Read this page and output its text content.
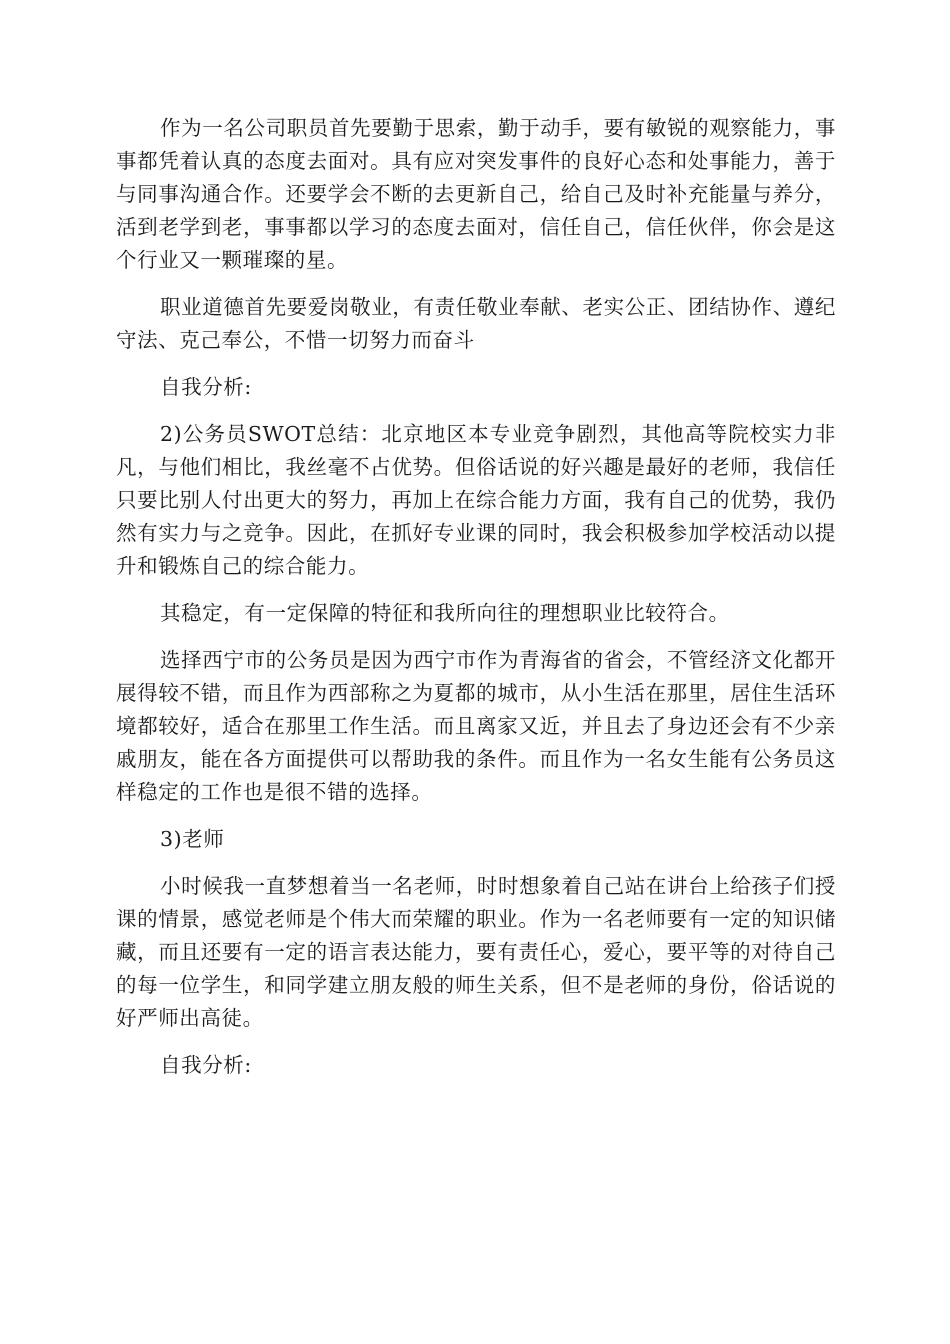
作为一名公司职员首先要勤于思索，勤于动手，要有敏锐的观察能力，事事都凭着认真的态度去面对。具有应对突发事件的良好心态和处事能力，善于与同事沟通合作。还要学会不断的去更新自己，给自己及时补充能量与养分，活到老学到老，事事都以学习的态度去面对，信任自己，信任伙伴，你会是这个行业又一颗璀璨的星。

职业道德首先要爱岗敬业，有责任敬业奉献、老实公正、团结协作、遵纪守法、克己奉公，不惜一切努力而奋斗

自我分析:

2)公务员SWOT总结：北京地区本专业竞争剧烈，其他高等院校实力非凡，与他们相比，我丝毫不占优势。但俗话说的好兴趣是最好的老师，我信任只要比别人付出更大的努力，再加上在综合能力方面，我有自己的优势，我仍然有实力与之竞争。因此，在抓好专业课的同时，我会积极参加学校活动以提升和锻炼自己的综合能力。

其稳定，有一定保障的特征和我所向往的理想职业比较符合。

选择西宁市的公务员是因为西宁市作为青海省的省会，不管经济文化都开展得较不错，而且作为西部称之为夏都的城市，从小生活在那里，居住生活环境都较好，适合在那里工作生活。而且离家又近，并且去了身边还会有不少亲戚朋友，能在各方面提供可以帮助我的条件。而且作为一名女生能有公务员这样稳定的工作也是很不错的选择。

3)老师

小时候我一直梦想着当一名老师，时时想象着自己站在讲台上给孩子们授课的情景，感觉老师是个伟大而荣耀的职业。作为一名老师要有一定的知识储藏，而且还要有一定的语言表达能力，要有责任心，爱心，要平等的对待自己的每一位学生，和同学建立朋友般的师生关系，但不是老师的身份，俗话说的好严师出高徒。

自我分析:
